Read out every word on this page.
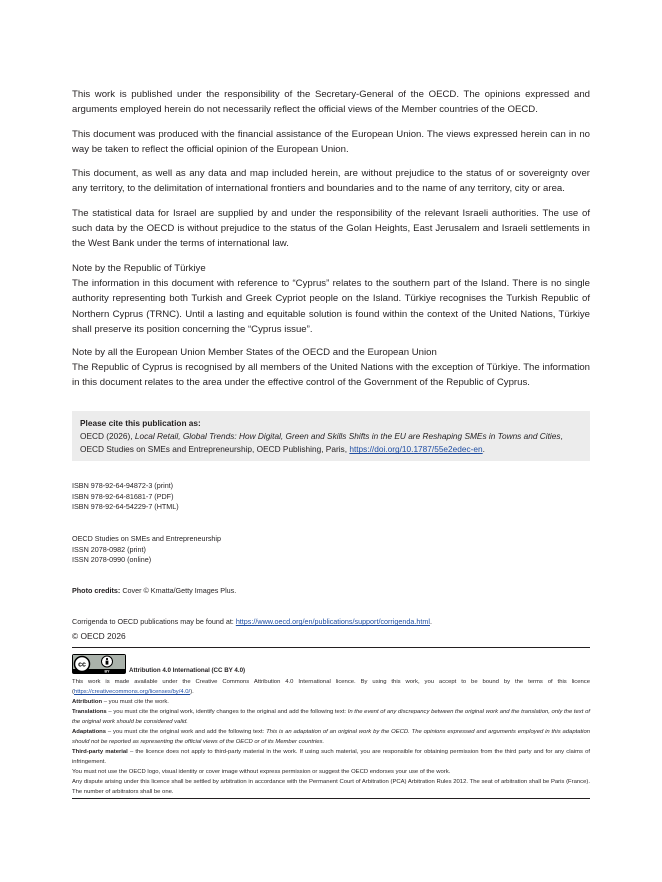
This work is published under the responsibility of the Secretary-General of the OECD. The opinions expressed and arguments employed herein do not necessarily reflect the official views of the Member countries of the OECD.

This document was produced with the financial assistance of the European Union. The views expressed herein can in no way be taken to reflect the official opinion of the European Union.

This document, as well as any data and map included herein, are without prejudice to the status of or sovereignty over any territory, to the delimitation of international frontiers and boundaries and to the name of any territory, city or area.

The statistical data for Israel are supplied by and under the responsibility of the relevant Israeli authorities. The use of such data by the OECD is without prejudice to the status of the Golan Heights, East Jerusalem and Israeli settlements in the West Bank under the terms of international law.

Note by the Republic of Türkiye

The information in this document with reference to “Cyprus” relates to the southern part of the Island. There is no single authority representing both Turkish and Greek Cypriot people on the Island. Türkiye recognises the Turkish Republic of Northern Cyprus (TRNC). Until a lasting and equitable solution is found within the context of the United Nations, Türkiye shall preserve its position concerning the “Cyprus issue”.

Note by all the European Union Member States of the OECD and the European Union

The Republic of Cyprus is recognised by all members of the United Nations with the exception of Türkiye. The information in this document relates to the area under the effective control of the Government of the Republic of Cyprus.

Please cite this publication as:
OECD (2026), Local Retail, Global Trends: How Digital, Green and Skills Shifts in the EU are Reshaping SMEs in Towns and Cities, OECD Studies on SMEs and Entrepreneurship, OECD Publishing, Paris, https://doi.org/10.1787/55e2edec-en.
ISBN 978-92-64-94872-3 (print)
ISBN 978-92-64-81681-7 (PDF)
ISBN 978-92-64-54229-7 (HTML)
OECD Studies on SMEs and Entrepreneurship
ISSN 2078-0982 (print)
ISSN 2078-0990 (online)
Photo credits: Cover © Kmatta/Getty Images Plus.
Corrigenda to OECD publications may be found at: https://www.oecd.org/en/publications/support/corrigenda.html.
© OECD 2026
cc
BY	Attribution 4.0 International (CC BY 4.0)

This work is made available under the Creative Commons Attribution 4.0 International licence. By using this work, you accept to be bound by the terms of this licence (https://creativecommons.org/licenses/by/4.0/).

Attribution – you must cite the work.

Translations – you must cite the original work, identify changes to the original and add the following text: In the event of any discrepancy between the original work and the translation, only the text of the original work should be considered valid.

Adaptations – you must cite the original work and add the following text: This is an adaptation of an original work by the OECD. The opinions expressed and arguments employed in this adaptation should not be reported as representing the official views of the OECD or of its Member countries.

Third-party material – the licence does not apply to third-party material in the work. If using such material, you are responsible for obtaining permission from the third party and for any claims of infringement.

You must not use the OECD logo, visual identity or cover image without express permission or suggest the OECD endorses your use of the work.

Any dispute arising under this licence shall be settled by arbitration in accordance with the Permanent Court of Arbitration (PCA) Arbitration Rules 2012. The seat of arbitration shall be Paris (France). The number of arbitrators shall be one.
